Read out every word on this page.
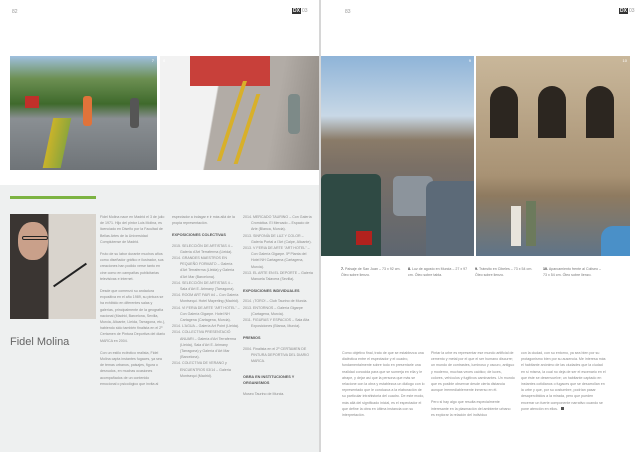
82	DX 03
7 8
Fidel Molina

Fidel Molina nace en Madrid el 3 de julio de 1971. Hijo del pintor Luis Molina, es licenciado en Diseño por la Facultad de Bellas Artes de la Universidad Complutense de Madrid.

Fruto de su labor durante muchos años como diseñador gráfico e ilustrador, sus creaciones han podido verse tanto en cine como en campañas publicitarias televisivas e internet.

Desde que comenzó su andadura expositiva en el año 1989, su pintura se ha exhibido en diferentes salas y galerías, principalmente de la geografía nacional (Madrid, Barcelona, Sevilla, Murcia, Alicante, Lleida, Tarragona, etc.), habiendo sido también finalista en el 2º Certamen de Pintura Deportiva del diario MARCA en 2004.

Con un estilo ecléctico realista, Fidel Molina capta instantes fugaces, ya sea de temas urbanos, paisajes, figura o desnudos, en muchas ocasiones acompañados de un contenido emocional o psicológico que invita al

espectador a indagar e ir más allá de la propia representación.

EXPOSICIONES COLECTIVAS
2015. SELECCIÓN DE ARTISTAS 4 – Galería d'Art Terraferma (Lleida).
2014. GRANDES MAESTROS EN PEQUEÑO FORMATO – Galería d'Art Terraferma (Lleida) y Galería d'Art Mar (Barcelona).
2014. SELECCIÓN DE ARTISTAS 4 – Sala d'Art E. Arimany (Tarragona).
2014. ROOM ART FAIR #4 – Con Galería Montsequi. Hotel Mayerling (Madrid).
2014. VI FERIA DE ARTE "ART HOTEL" – Con Galería Gigarpe. Hotel NH Cartagena (Cartagena, Murcia).
2014. L'AGUA – Galería Art Point (Lleida).
2014. COLLECTIVA PRESENTACIÓ ANUARI – Galería d'Art Terraferma (Lleida), Sala d'Art E. Arimany (Tarragona) y Galería d'Art Mar (Barcelona).
2014. COLECTIVA DE VERANO y ENCUENTROS 03/14 – Galería Montsequi (Madrid).
2014. MERCADO TAURINO – Con Galería Cromática. El Mercado – Espacio de Arte (Blanca, Murcia).
2013. SINFONÍA DE LUZ Y COLOR – Galería Portal a l'Art (Calpe, Alicante).
2013. V FERIA DE ARTE "ART HOTEL" – Con Galería Gigarpe. 5ª Planta del Hotel NH Cartagena (Cartagena, Murcia).
2013. EL ARTE EN EL DEPORTE – Galería Manuela Talavera (Sevilla).
EXPOSICIONES INDIVIDUALES
2014. ¡TORO! – Club Taurino de Murcia.
2013. ENTORNOS – Galería Gigarpe (Cartagena, Murcia).
2011. FIGURAS Y ESPACIOS – Sala Alta Exposiciones (Blanca, Murcia).
PREMIOS
2004. Finalista en el 2º CERTAMEN DE PINTURA DEPORTIVA DEL DIARIO MARCA.
OBRA EN INSTITUCIONES Y ORGANISMOS
Museo Taurino de Murcia.
83	DX 03
9	10
7. Paisaje de San Juan – 73 x 92 cm. Óleo sobre lienzo.
8. Luz de agosto en Murcia – 27 x 97 cm. Óleo sobre tabla.
9. Tránsito en Cibeles – 73 x 54 cm. Óleo sobre lienzo.
10. Aparcamiento frente al Coliseo – 73 x 54 cm. Óleo sobre lienzo.

Como objetivo final, trato de que se establezca una dialéctica entre el espectador y el cuadro, fundamentalmente sobre todo en presentarle una realidad conocida para que se sumerja en ella y le atrape, y dejar así que la persona que más se relacione con la obra y establezca un diálogo con lo representado que le conduzca a la elaboración de su particular intrahistoria del cuadro. De este modo, más allá del significado inicial, es el espectador el que define la obra en última instancia con su interpretación.

Pintar la urbe es representar ese mundo artificial de cemento y metal por el que el ser humano discurre; un mundo de contrastes, luminoso y oscuro, antiguo y moderno, muchas veces caótico; de luces, colores, vehículos y fugitivos caminantes. Un mundo que es posible observar desde cierta distancia aunque irremediablemente inmerso en él.

Pero si hay algo que resulta especialmente interesante en la plasmación del ambiente urbano es explorar la relación del individuo

con la ciudad, con su entorno, ya sea bien por su protagonismo bien por su ausencia. Me interesa más el habitante anónimo de las ciudades que la ciudad en sí misma, la cual no deja de ser el escenario en el que éste se desenvuelve; un habitante captado en instantes cotidianos o fugaces que se desarrollan en la urbe y que, por su costumbre, podrían pasar desapercibidos a la mirada, pero que pueden encerrar un fuerte componente narrativo cuando se pone atención en ellos.
